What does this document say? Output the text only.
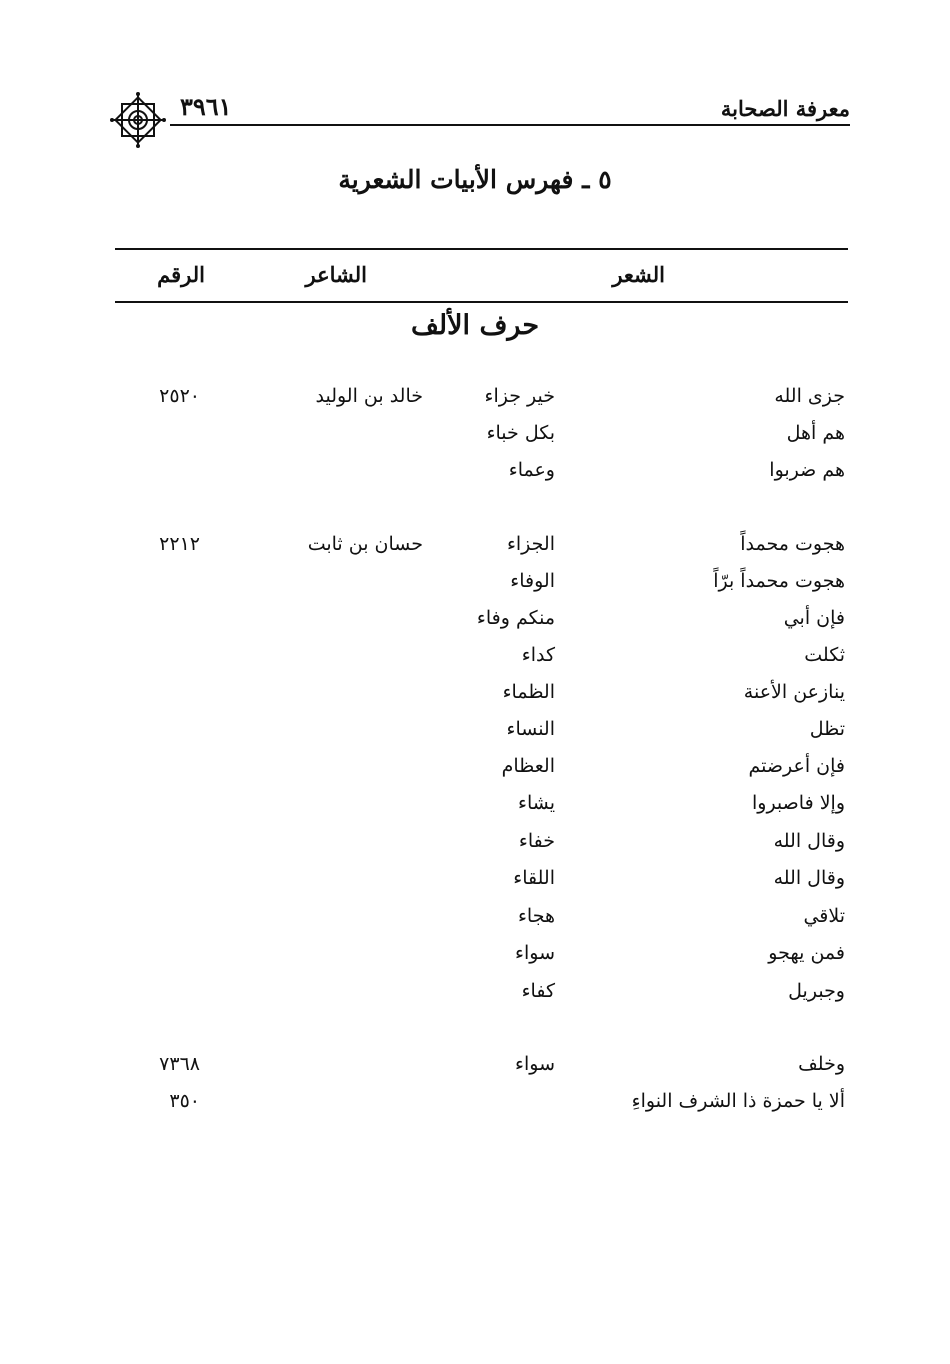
معرفة الصحابة
٣٩٦١
٥ ـ فهرس الأبيات الشعرية
الشعر
الشاعر
الرقم
حرف الألف
جزى الله
خير جزاء
خالد بن الوليد
٢٥٢٠
هم أهل
بكل خباء
هم ضربوا
وعماء
هجوت محمداً
الجزاء
حسان بن ثابت
٢٢١٢
هجوت محمداً برّاً
الوفاء
فإن أبي
منكم وفاء
ثكلت
كداء
ينازعن الأعنة
الظماء
تظل
النساء
فإن أعرضتم
العظام
وإلا فاصبروا
يشاء
وقال الله
خفاء
وقال الله
اللقاء
تلاقي
هجاء
فمن يهجو
سواء
وجبريل
كفاء
وخلف
سواء
٧٣٦٨
ألا يا حمزة ذا الشرف النواءِ
٣٥٠
